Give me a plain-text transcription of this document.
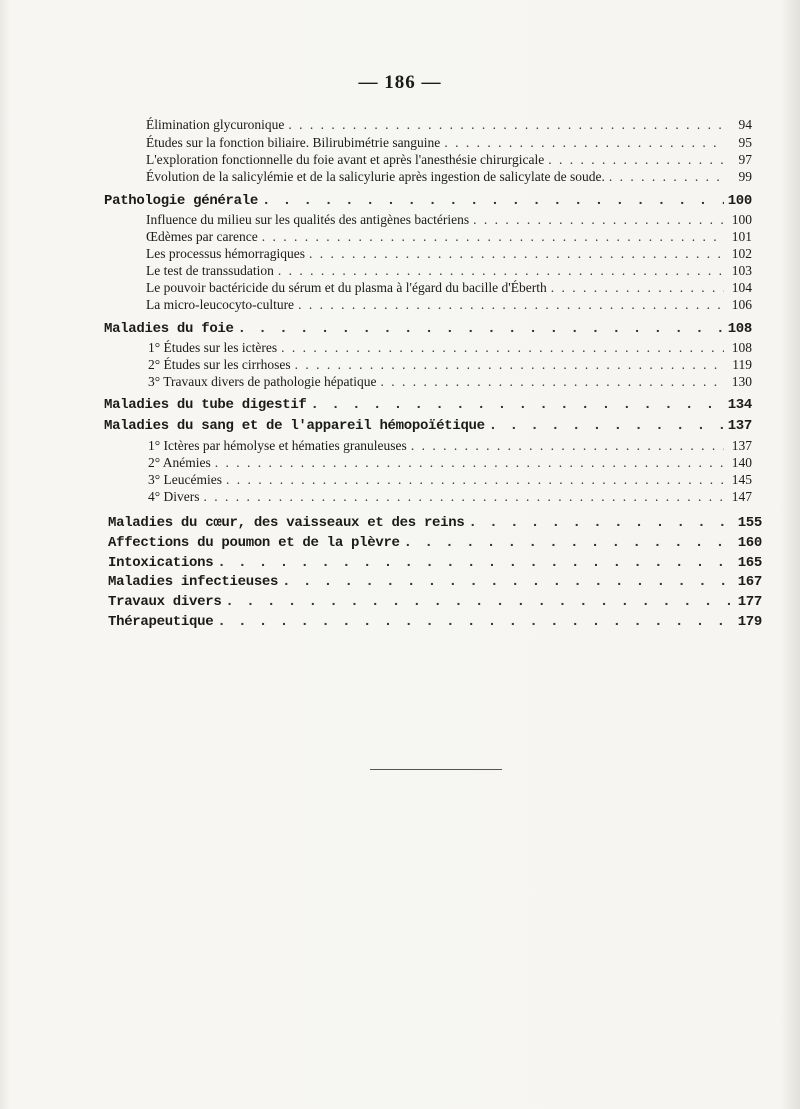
— 186 —
Élimination glycuronique . . .	94
Études sur la fonction biliaire. Bilirubimétrie sanguine . . .	95
L'exploration fonctionnelle du foie avant et après l'anesthésie chirurgicale . . .	97
Évolution de la salicylémie et de la salicylurie après ingestion de salicylate de soude. . . .	99
Pathologie générale . . .	100
Influence du milieu sur les qualités des antigènes bactériens . . .	100
Œdèmes par carence . . .	101
Les processus hémorragiques . . .	102
Le test de transsudation . . .	103
Le pouvoir bactéricide du sérum et du plasma à l'égard du bacille d'Éberth . . .	104
La micro-leucocyto-culture . . .	106
Maladies du foie . . .	108
1° Études sur les ictères . . .	108
2° Études sur les cirrhoses . . .	119
3° Travaux divers de pathologie hépatique . . .	130
Maladies du tube digestif . . .	134
Maladies du sang et de l'appareil hémopoïétique . . .	137
1° Ictères par hémolyse et hématies granuleuses . . .	137
2° Anémies . . .	140
3° Leucémies . . .	145
4° Divers . . .	147
Maladies du cœur, des vaisseaux et des reins . . .	155
Affections du poumon et de la plèvre . . .	160
Intoxications . . .	165
Maladies infectieuses . . .	167
Travaux divers . . .	177
Thérapeutique . . .	179
